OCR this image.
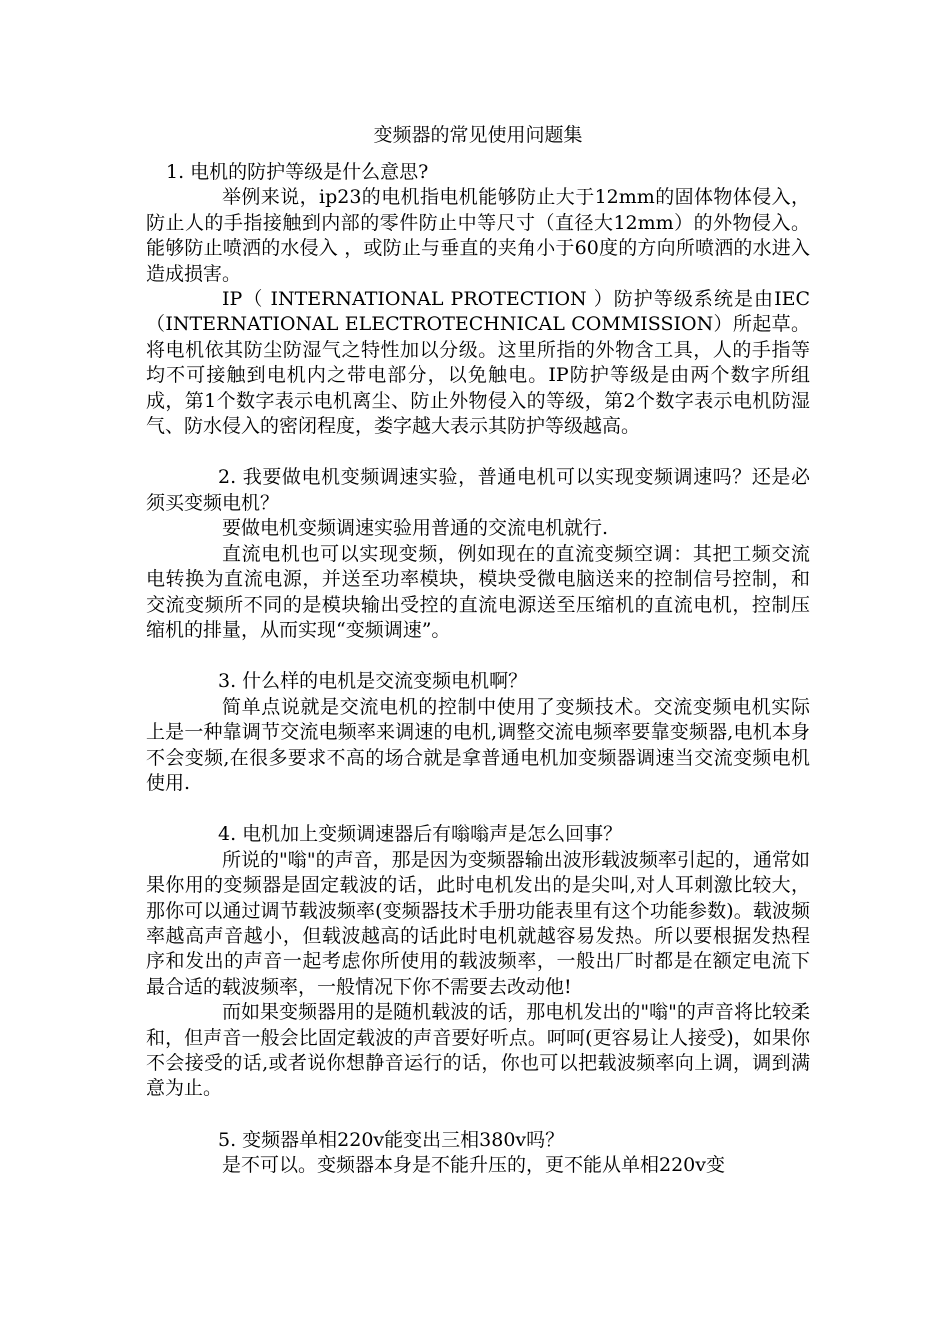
变频器的常见使用问题集

1. 电机的防护等级是什么意思?

举例来说，ip23的电机指电机能够防止大于12mm的固体物体侵入，防止人的手指接触到内部的零件防止中等尺寸（直径大12mm）的外物侵入。能够防止喷洒的水侵入 ，或防止与垂直的夹角小于60度的方向所喷洒的水进入造成损害。

IP（ INTERNATIONAL PROTECTION ）防护等级系统是由IEC（INTERNATIONAL ELECTROTECHNICAL COMMISSION）所起草。将电机依其防尘防湿气之特性加以分级。这里所指的外物含工具，人的手指等均不可接触到电机内之带电部分，以免触电。IP防护等级是由两个数字所组成，第1个数字表示电机离尘、防止外物侵入的等级，第2个数字表示电机防湿气、防水侵入的密闭程度，娄字越大表示其防护等级越高。

2. 我要做电机变频调速实验，普通电机可以实现变频调速吗？还是必须买变频电机？

要做电机变频调速实验用普通的交流电机就行.

直流电机也可以实现变频，例如现在的直流变频空调：其把工频交流电转换为直流电源，并送至功率模块，模块受微电脑送来的控制信号控制，和交流变频所不同的是模块输出受控的直流电源送至压缩机的直流电机，控制压缩机的排量，从而实现“变频调速”。

3. 什么样的电机是交流变频电机啊？

简单点说就是交流电机的控制中使用了变频技术。交流变频电机实际上是一种靠调节交流电频率来调速的电机,调整交流电频率要靠变频器,电机本身不会变频,在很多要求不高的场合就是拿普通电机加变频器调速当交流变频电机使用.

4. 电机加上变频调速器后有嗡嗡声是怎么回事？

所说的"嗡"的声音，那是因为变频器输出波形载波频率引起的，通常如果你用的变频器是固定载波的话，此时电机发出的是尖叫,对人耳刺激比较大，那你可以通过调节载波频率(变频器技术手册功能表里有这个功能参数)。载波频率越高声音越小，但载波越高的话此时电机就越容易发热。所以要根据发热程序和发出的声音一起考虑你所使用的载波频率，一般出厂时都是在额定电流下最合适的载波频率，一般情况下你不需要去改动他!

而如果变频器用的是随机载波的话，那电机发出的"嗡"的声音将比较柔和，但声音一般会比固定载波的声音要好听点。呵呵(更容易让人接受)，如果你不会接受的话,或者说你想静音运行的话，你也可以把载波频率向上调，调到满意为止。

5. 变频器单相220v能变出三相380v吗？

是不可以。变频器本身是不能升压的，更不能从单相220v变
